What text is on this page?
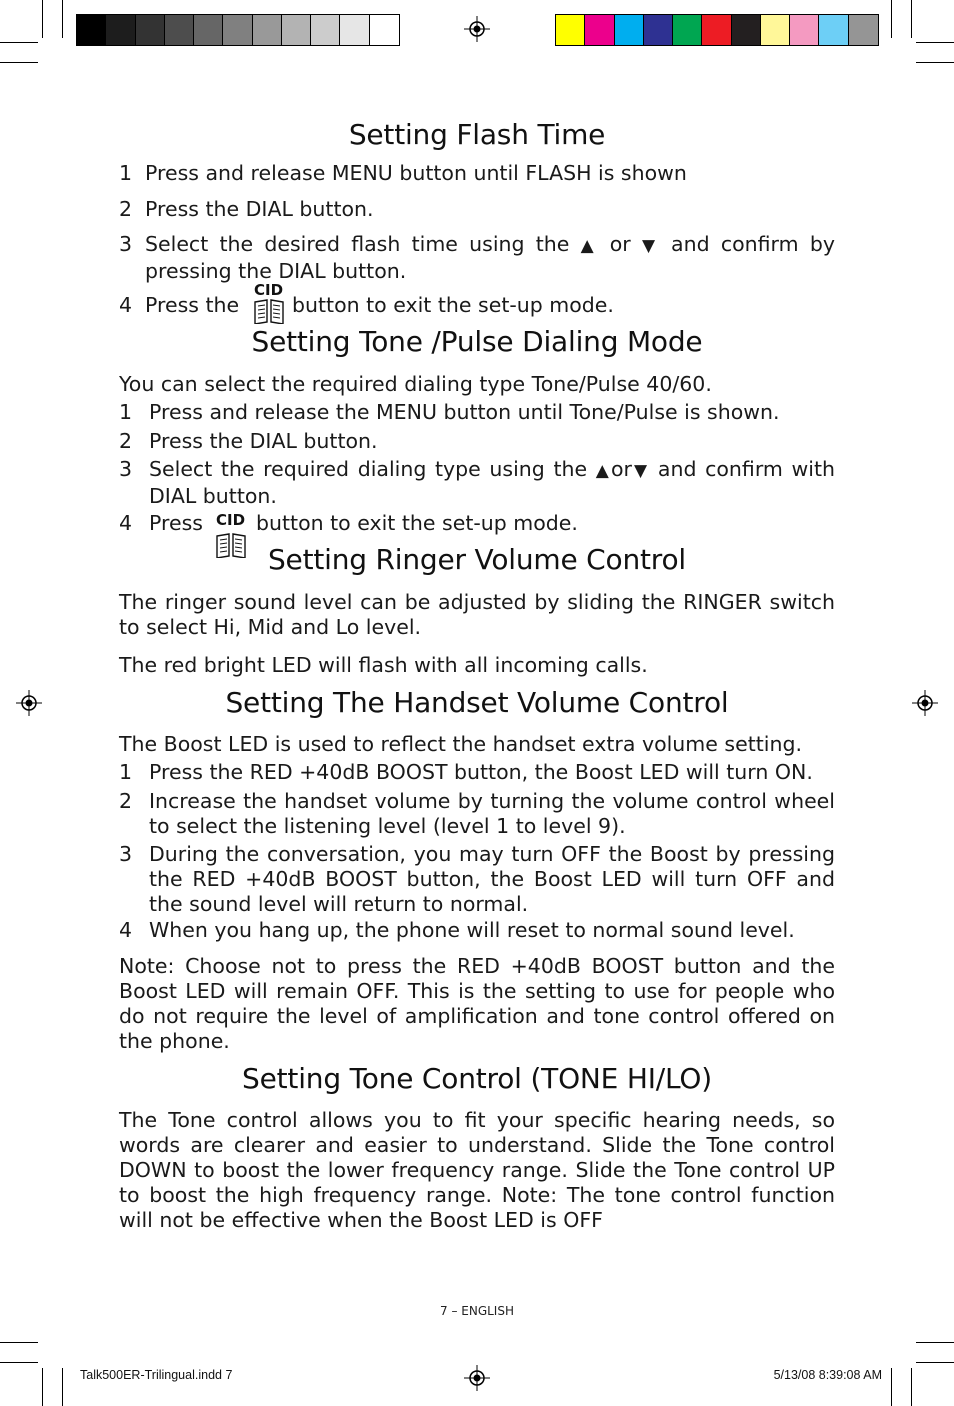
Setting Flash Time
1 Press and release MENU button until FLASH is shown
2 Press the DIAL button.
3 Select the desired flash time using the ▲ or ▼ and confirm by pressing the DIAL button.
4 Press the	button to exit the set-up mode.
CID
Setting Tone /Pulse Dialing Mode

You can select the required dialing type Tone/Pulse 40/60.

1 Press and release the MENU button until Tone/Pulse is shown.
2 Press the DIAL button.
3 Select the required dialing type using the ▲or▼ and confirm with DIAL button.
4 Press	button to exit the set-up mode.
CID
Setting Ringer Volume Control

The ringer sound level can be adjusted by sliding the RINGER switch to select Hi, Mid and Lo level.

The red bright LED will flash with all incoming calls.

Setting The Handset Volume Control

The Boost LED is used to reflect the handset extra volume setting.

1 Press the RED +40dB BOOST button, the Boost LED will turn ON.
2 Increase the handset volume by turning the volume control wheel to select the listening level (level 1 to level 9).
3 During the conversation, you may turn OFF the Boost by pressing the RED +40dB BOOST button, the Boost LED will turn OFF and the sound level will return to normal.
4 When you hang up, the phone will reset to normal sound level.

Note: Choose not to press the RED +40dB BOOST button and the Boost LED will remain OFF. This is the setting to use for people who do not require the level of amplification and tone control offered on the phone.

Setting Tone Control (TONE HI/LO)

The Tone control allows you to fit your specific hearing needs, so words are clearer and easier to understand. Slide the Tone control DOWN to boost the lower frequency range. Slide the Tone control UP to boost the high frequency range. Note: The tone control function will not be effective when the Boost LED is OFF

7 – ENGLISH
Talk500ER-Trilingual.indd 7	5/13/08 8:39:08 AM
